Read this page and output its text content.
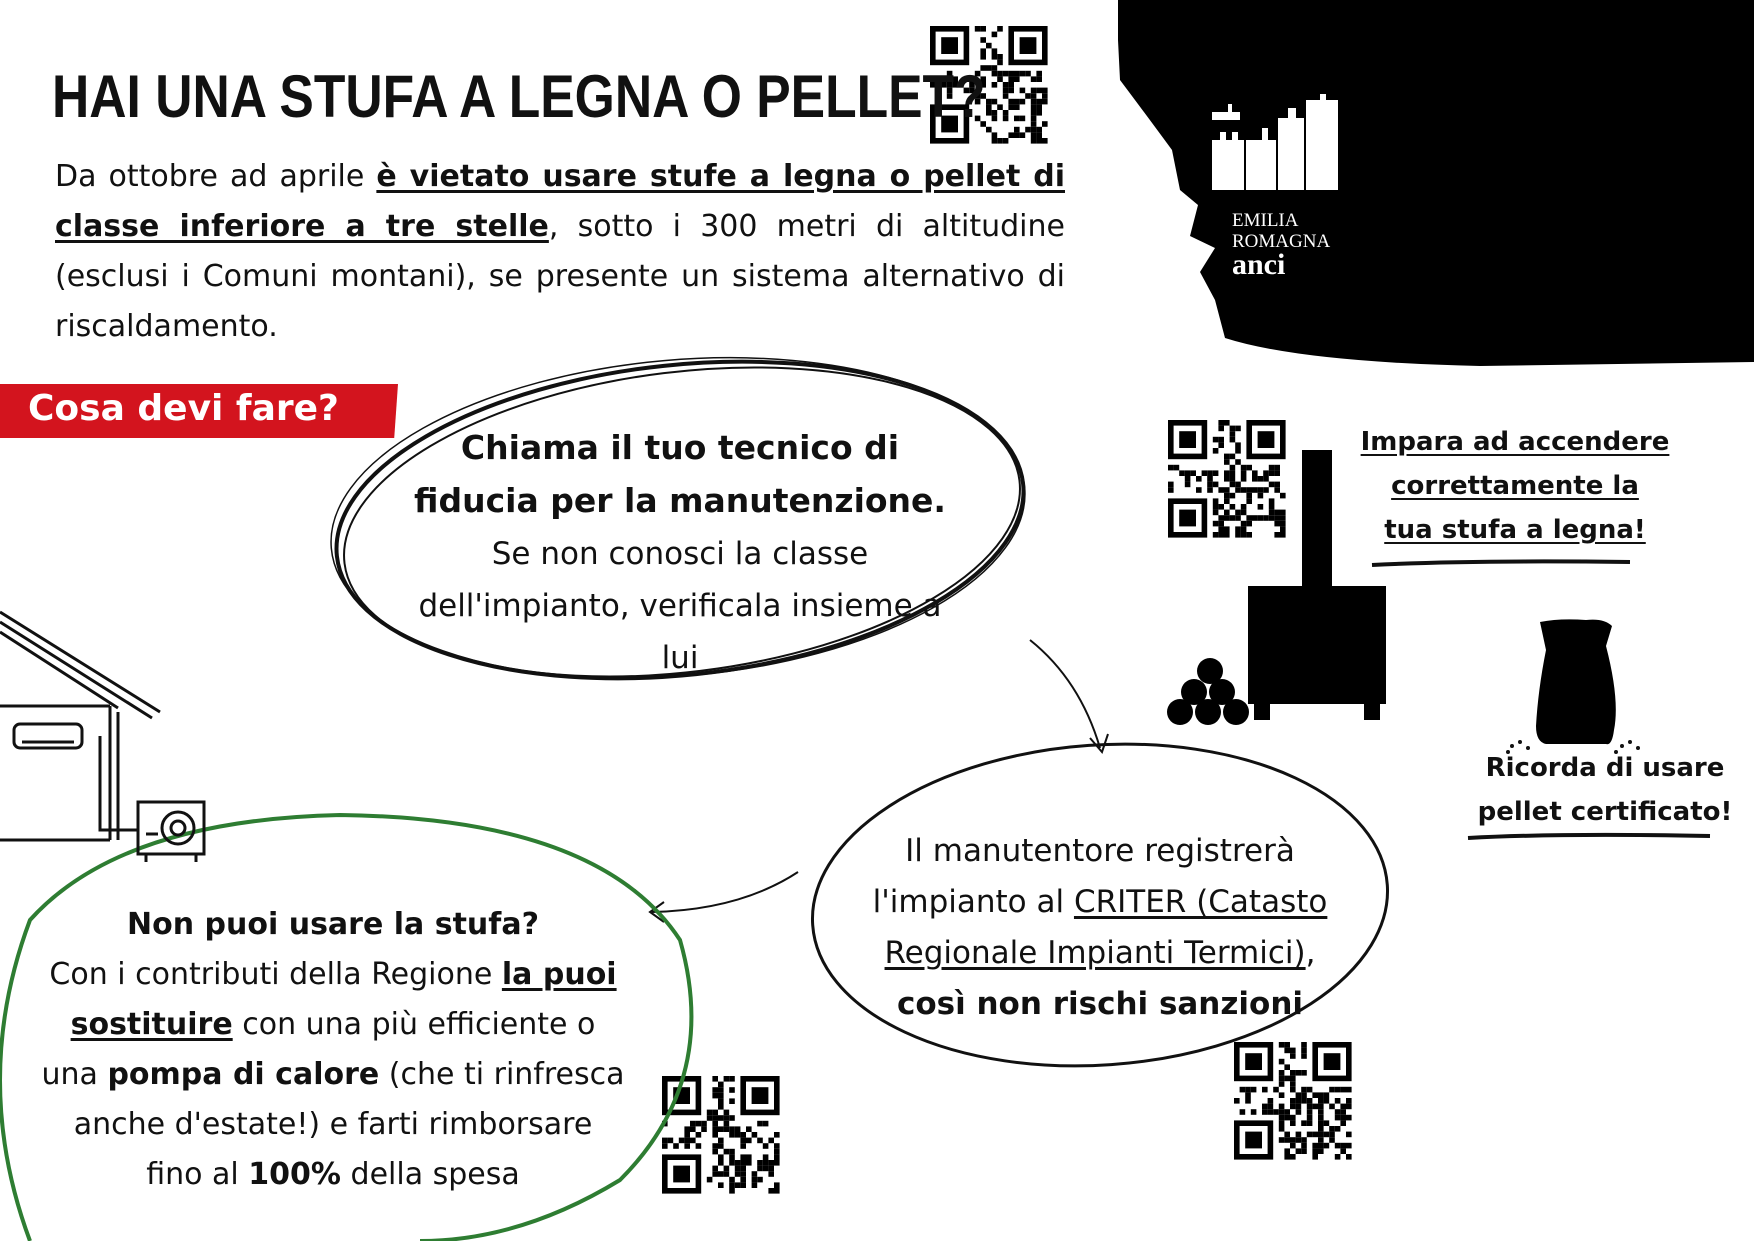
HAI UNA STUFA A LEGNA O PELLET?

Da ottobre ad aprile è vietato usare stufe a legna o pellet di classe inferiore a tre stelle, sotto i 300 metri di altitudine (esclusi i Comuni montani), se presente un sistema alternativo di riscaldamento.

Cosa devi fare?

Chiama il tuo tecnico di
fiducia per la manutenzione.
Se non conosci la classe
dell'impianto, verificala insieme a lui

Il manutentore registrerà
l'impianto al CRITER (Catasto
Regionale Impianti Termici),
così non rischi sanzioni

Non puoi usare la stufa?
Con i contributi della Regione la puoi
sostituire con una più efficiente o
una pompa di calore (che ti rinfresca
anche d'estate!) e farti rimborsare
fino al 100% della spesa

Impara ad accendere
correttamente la
tua stufa a legna!

Ricorda di usare
pellet certificato!

EMILIA
ROMAGNA
anci
